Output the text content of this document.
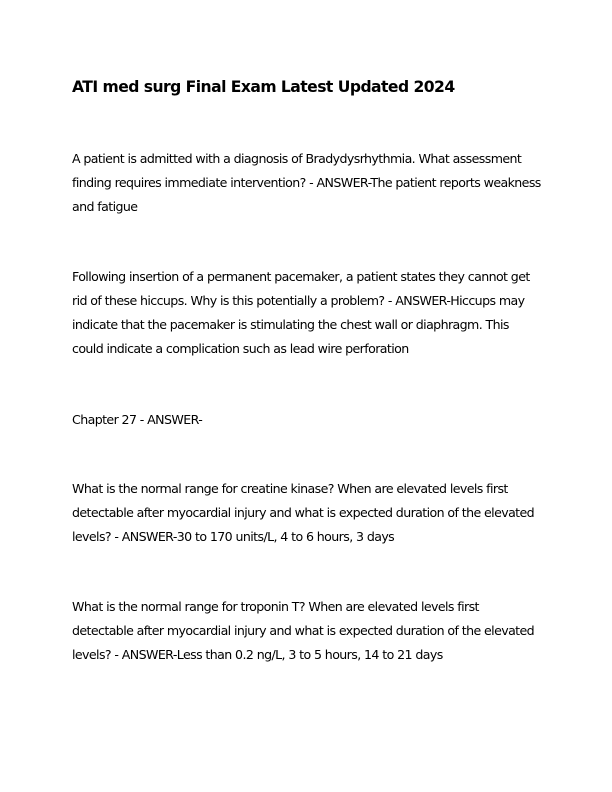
ATI med surg Final Exam Latest Updated 2024

A patient is admitted with a diagnosis of Bradydysrhythmia. What assessment finding requires immediate intervention? - ANSWER-The patient reports weakness and fatigue

Following insertion of a permanent pacemaker, a patient states they cannot get rid of these hiccups. Why is this potentially a problem? - ANSWER-Hiccups may indicate that the pacemaker is stimulating the chest wall or diaphragm. This could indicate a complication such as lead wire perforation

Chapter 27 - ANSWER-

What is the normal range for creatine kinase? When are elevated levels first detectable after myocardial injury and what is expected duration of the elevated levels? - ANSWER-30 to 170 units/L, 4 to 6 hours, 3 days

What is the normal range for troponin T? When are elevated levels first detectable after myocardial injury and what is expected duration of the elevated levels? - ANSWER-Less than 0.2 ng/L, 3 to 5 hours, 14 to 21 days
